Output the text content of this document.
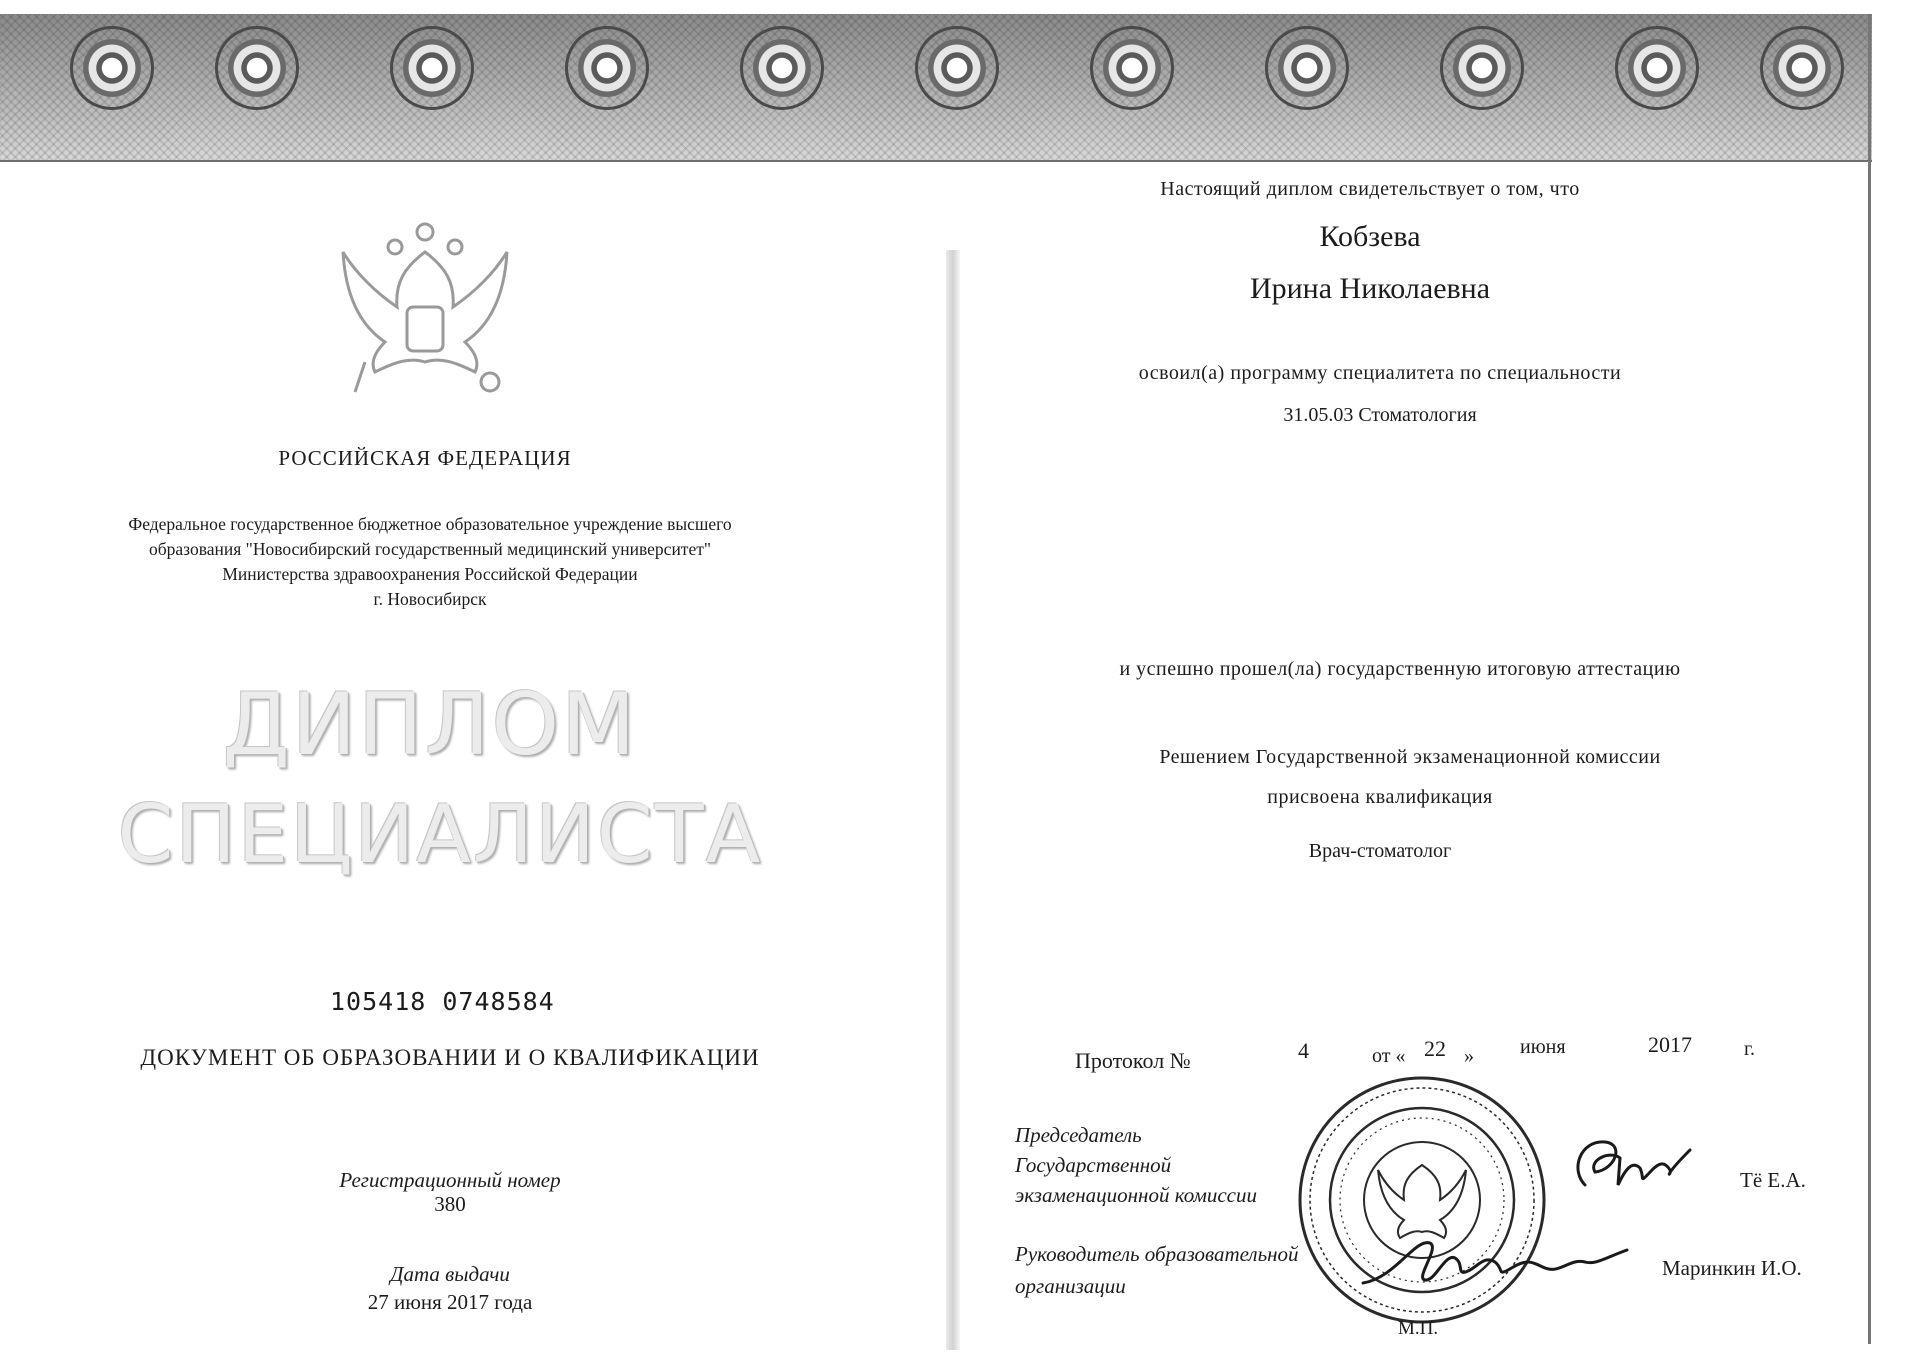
РОССИЙСКАЯ ФЕДЕРАЦИЯ
Федеральное государственное бюджетное образовательное учреждение высшего
образования "Новосибирский государственный медицинский университет"
Министерства здравоохранения Российской Федерации
г. Новосибирск
ДИПЛОМ
СПЕЦИАЛИСТА
105418 0748584
ДОКУМЕНТ ОБ ОБРАЗОВАНИИ И О КВАЛИФИКАЦИИ
Регистрационный номер
380
Дата выдачи
27 июня 2017 года
Настоящий диплом свидетельствует о том, что
Кобзева
Ирина Николаевна
освоил(а) программу специалитета по специальности
31.05.03 Стоматология
и успешно прошел(ла) государственную итоговую аттестацию
Решением Государственной экзаменационной комиссии
присвоена квалификация
Врач-стоматолог
Протокол №	4	от « 22 » июня	2017	г.
Председатель
Государственной
экзаменационной комиссии
Тё Е.А.
Руководитель образовательной
организации
Маринкин И.О.
М.П.
